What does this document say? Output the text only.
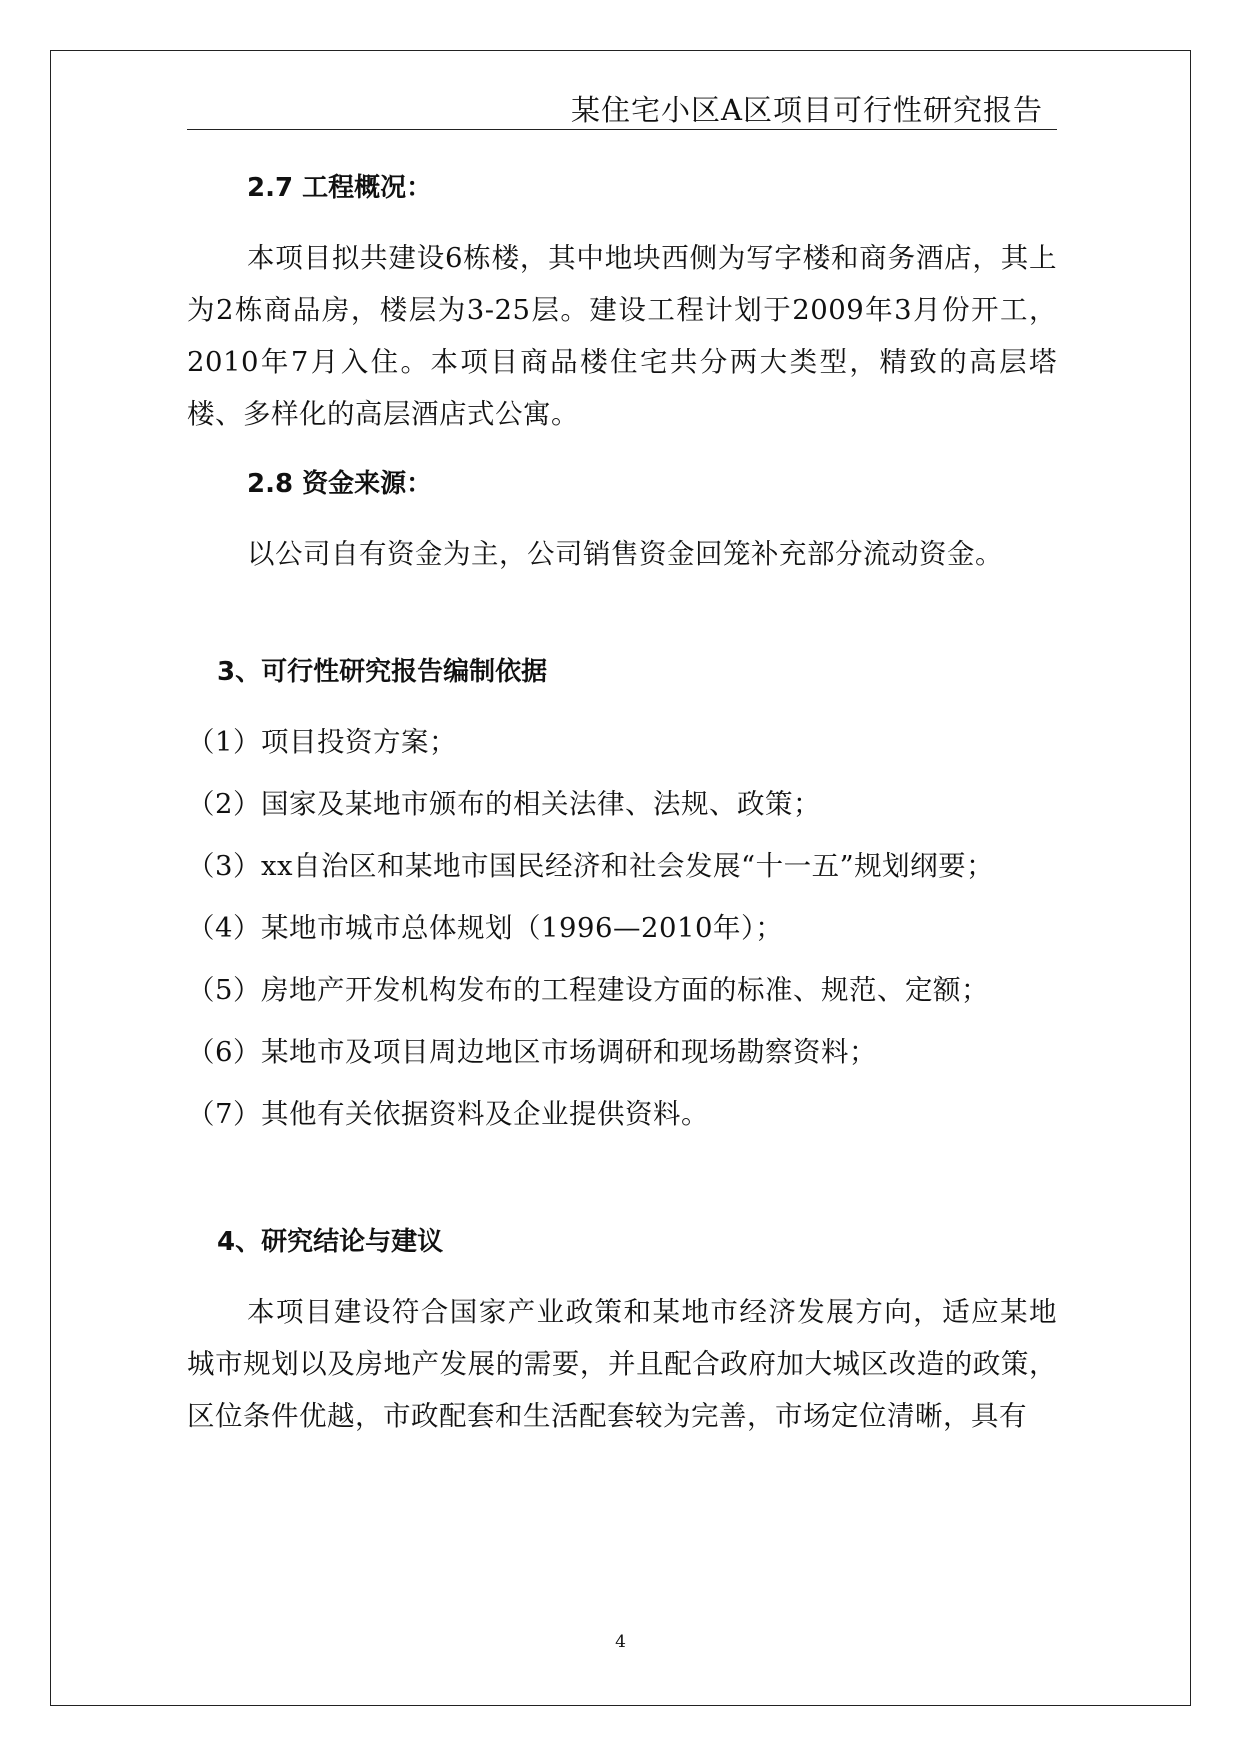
某住宅小区A区项目可行性研究报告

2.7 工程概况：

本项目拟共建设6栋楼，其中地块西侧为写字楼和商务酒店，其上为2栋商品房，楼层为3-25层。建设工程计划于2009年3月份开工，2010年7月入住。本项目商品楼住宅共分两大类型，精致的高层塔楼、多样化的高层酒店式公寓。

2.8 资金来源：

以公司自有资金为主，公司销售资金回笼补充部分流动资金。

3、可行性研究报告编制依据

（1）项目投资方案；
（2）国家及某地市颁布的相关法律、法规、政策；
（3）xx自治区和某地市国民经济和社会发展“十一五”规划纲要；
（4）某地市城市总体规划（1996—2010年）；
（5）房地产开发机构发布的工程建设方面的标准、规范、定额；
（6）某地市及项目周边地区市场调研和现场勘察资料；
（7）其他有关依据资料及企业提供资料。

4、研究结论与建议

本项目建设符合国家产业政策和某地市经济发展方向，适应某地城市规划以及房地产发展的需要，并且配合政府加大城区改造的政策，区位条件优越，市政配套和生活配套较为完善，市场定位清晰，具有

4
